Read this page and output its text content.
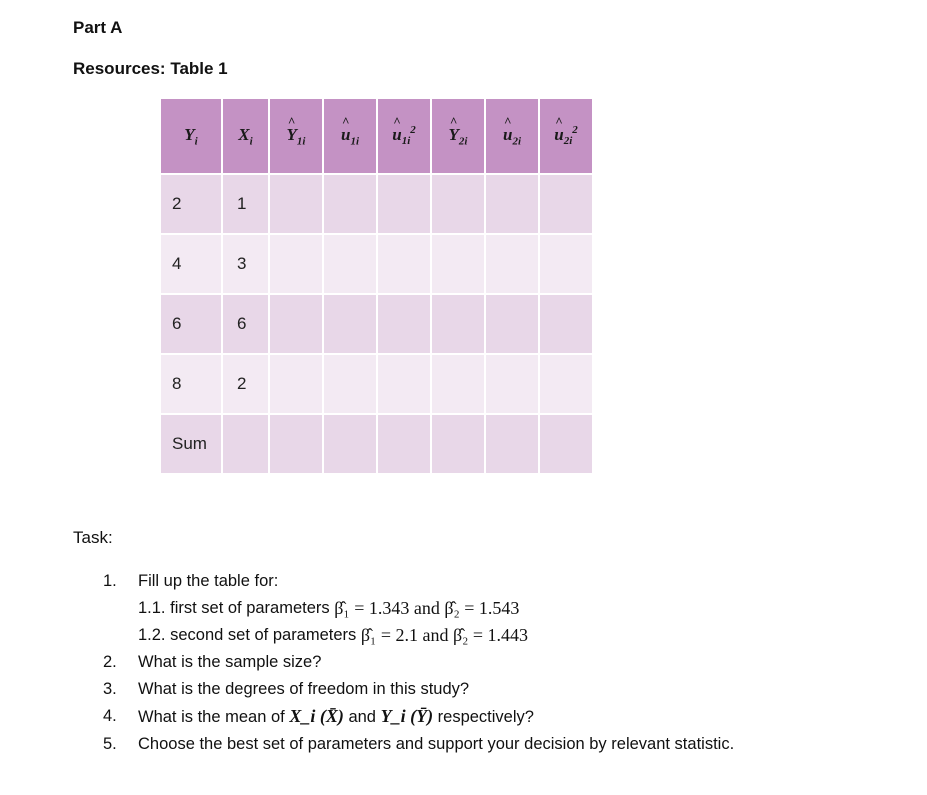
Part A
Resources: Table 1
$Y_i$	$X_i$	^ $Y_{1i}$	^ $u_{1i}$	^ $u_{1i}^2$	^ $Y_{2i}$	^ $u_{2i}$	^ $u_{2i}^2$
2	1						
4	3						
6	6						
8	2						
Sum							

Task:

1.	Fill up the table for:
1.1. first set of parameters
β̂₁ = 1.343 and β̂₂ = 1.543
1.2. second set of parameters
β̂₁ = 2.1 and β̂₂ = 1.443
2.	What is the sample size?
3.	What is the degrees of freedom in this study?
4.	What is the mean of X_i (X̄) and Y_i (Ȳ) respectively?
5.	Choose the best set of parameters and support your decision by relevant statistic.
